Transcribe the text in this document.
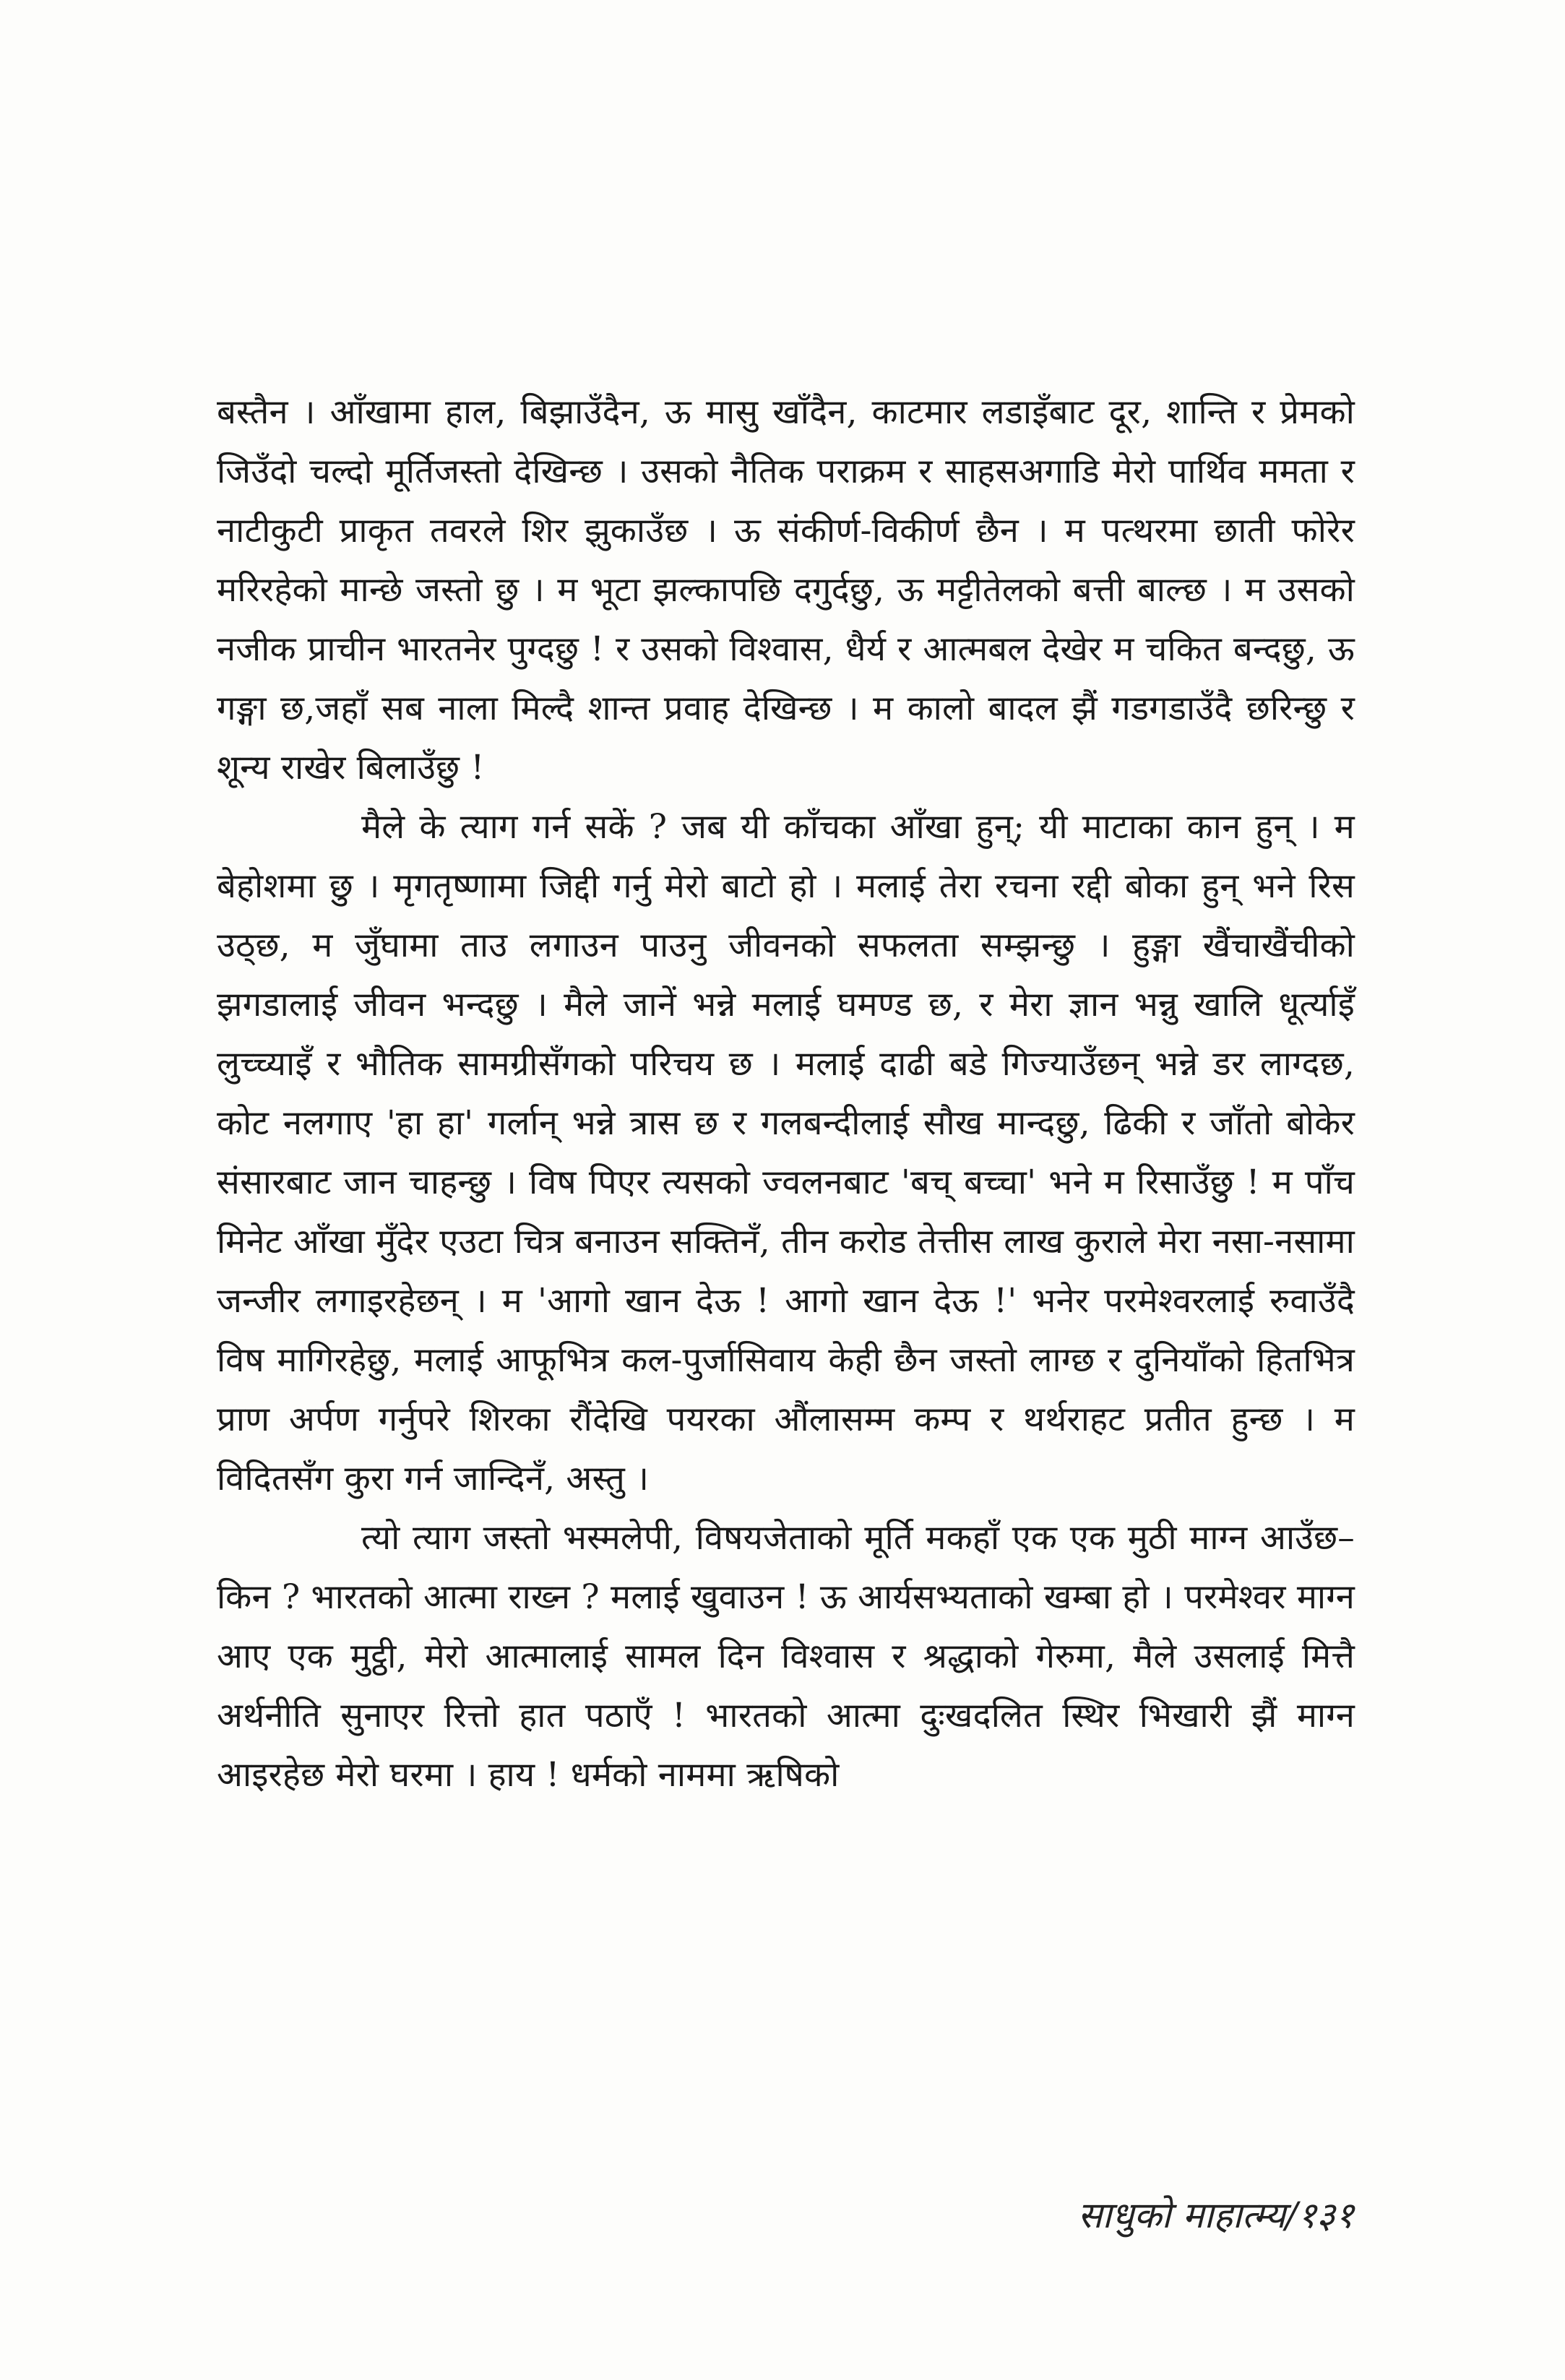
बस्तैन । आँखामा हाल, बिझाउँदैन, ऊ मासु खाँदैन, काटमार लडाइँबाट दूर, शान्ति र प्रेमको जिउँदो चल्दो मूर्तिजस्तो देखिन्छ । उसको नैतिक पराक्रम र साहसअगाडि मेरो पार्थिव ममता र नाटीकुटी प्राकृत तवरले शिर झुकाउँछ । ऊ संकीर्ण-विकीर्ण छैन । म पत्थरमा छाती फोरेर मरिरहेको मान्छे जस्तो छु । म भूटा झल्कापछि दगुर्दछु, ऊ मट्टीतेलको बत्ती बाल्छ । म उसको नजीक प्राचीन भारतनेर पुग्दछु ! र उसको विश्वास, धैर्य र आत्मबल देखेर म चकित बन्दछु, ऊ गङ्गा छ,जहाँ सब नाला मिल्दै शान्त प्रवाह देखिन्छ । म कालो बादल झैं गडगडाउँदै छरिन्छु र शून्य राखेर बिलाउँछु !

मैले के त्याग गर्न सकें ? जब यी काँचका आँखा हुन्; यी माटाका कान हुन् । म बेहोशमा छु । मृगतृष्णामा जिद्दी गर्नु मेरो बाटो हो । मलाई तेरा रचना रद्दी बोका हुन् भने रिस उठ्छ, म जुँघामा ताउ लगाउन पाउनु जीवनको सफलता सम्झन्छु । हुङ्गा खैंचाखैंचीको झगडालाई जीवन भन्दछु । मैले जानें भन्ने मलाई घमण्ड छ, र मेरा ज्ञान भन्नु खालि धूर्त्याइँ लुच्च्याइँ र भौतिक सामग्रीसँगको परिचय छ । मलाई दाढी बडे गिज्याउँछन् भन्ने डर लाग्दछ, कोट नलगाए 'हा हा' गर्लान् भन्ने त्रास छ र गलबन्दीलाई सौख मान्दछु, ढिकी र जाँतो बोकेर संसारबाट जान चाहन्छु । विष पिएर त्यसको ज्वलनबाट 'बच् बच्चा' भने म रिसाउँछु ! म पाँच मिनेट आँखा मुँदेर एउटा चित्र बनाउन सक्तिनँ, तीन करोड तेत्तीस लाख कुराले मेरा नसा-नसामा जन्जीर लगाइरहेछन् । म 'आगो खान देऊ ! आगो खान देऊ !' भनेर परमेश्वरलाई रुवाउँदै विष मागिरहेछु, मलाई आफूभित्र कल-पुर्जासिवाय केही छैन जस्तो लाग्छ र दुनियाँको हितभित्र प्राण अर्पण गर्नुपरे शिरका रौंदेखि पयरका औंलासम्म कम्प र थर्थराहट प्रतीत हुन्छ । म विदितसँग कुरा गर्न जान्दिनँ, अस्तु ।

त्यो त्याग जस्तो भस्मलेपी, विषयजेताको मूर्ति मकहाँ एक एक मुठी माग्न आउँछ–किन ? भारतको आत्मा राख्न ? मलाई खुवाउन ! ऊ आर्यसभ्यताको खम्बा हो । परमेश्वर माग्न आए एक मुट्ठी, मेरो आत्मालाई सामल दिन विश्वास र श्रद्धाको गेरुमा, मैले उसलाई मित्तै अर्थनीति सुनाएर रित्तो हात पठाएँ ! भारतको आत्मा दुःखदलित स्थिर भिखारी झैं माग्न आइरहेछ मेरो घरमा । हाय ! धर्मको नाममा ऋषिको

साधुको माहात्म्य/१३१
